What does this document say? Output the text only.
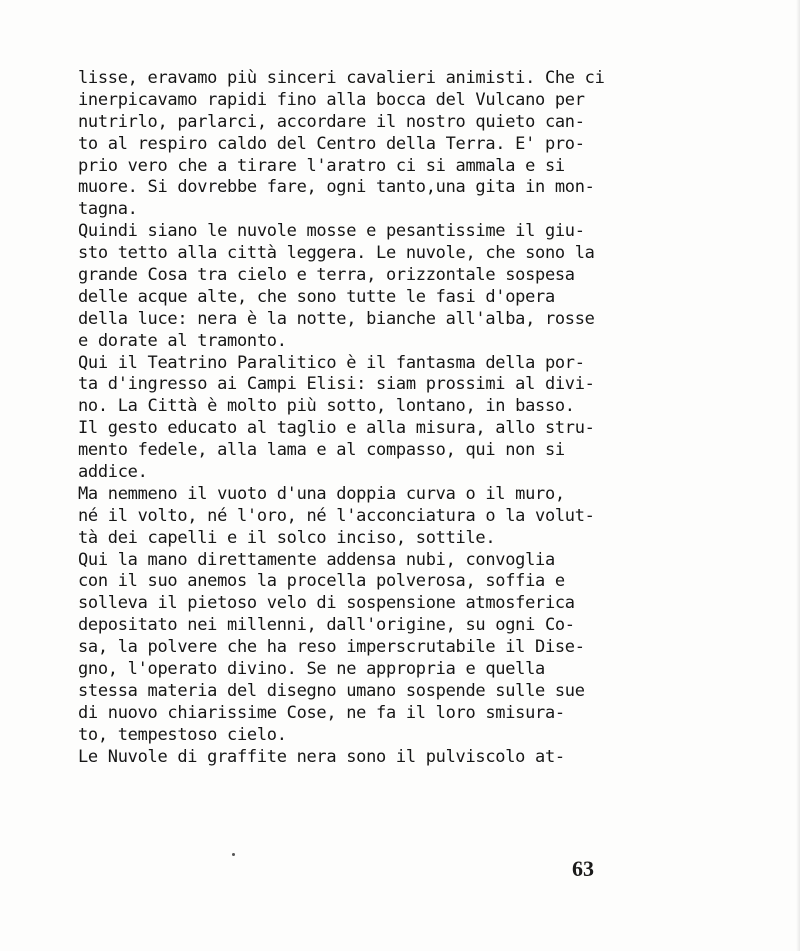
lisse, eravamo più sinceri cavalieri animisti. Che ci
inerpicavamo rapidi fino alla bocca del Vulcano per
nutrirlo, parlarci, accordare il nostro quieto can-
to al respiro caldo del Centro della Terra. E' pro-
prio vero che a tirare l'aratro ci si ammala e si
muore. Si dovrebbe fare, ogni tanto,una gita in mon-
tagna.
Quindi siano le nuvole mosse e pesantissime il giu-
sto tetto alla città leggera. Le nuvole, che sono la
grande Cosa tra cielo e terra, orizzontale sospesa
delle acque alte, che sono tutte le fasi d'opera
della luce: nera è la notte, bianche all'alba, rosse
e dorate al tramonto.
Qui il Teatrino Paralitico è il fantasma della por-
ta d'ingresso ai Campi Elisi: siam prossimi al divi-
no. La Città è molto più sotto, lontano, in basso.
Il gesto educato al taglio e alla misura, allo stru-
mento fedele, alla lama e al compasso, qui non si
addice.
Ma nemmeno il vuoto d'una doppia curva o il muro,
né il volto, né l'oro, né l'acconciatura o la volut-
tà dei capelli e il solco inciso, sottile.
Qui la mano direttamente addensa nubi, convoglia
con il suo anemos la procella polverosa, soffia e
solleva il pietoso velo di sospensione atmosferica
depositato nei millenni, dall'origine, su ogni Co-
sa, la polvere che ha reso imperscrutabile il Dise-
gno, l'operato divino. Se ne appropria e quella
stessa materia del disegno umano sospende sulle sue
di nuovo chiarissime Cose, ne fa il loro smisura-
to, tempestoso cielo.
Le Nuvole di graffite nera sono il pulviscolo at-
63
